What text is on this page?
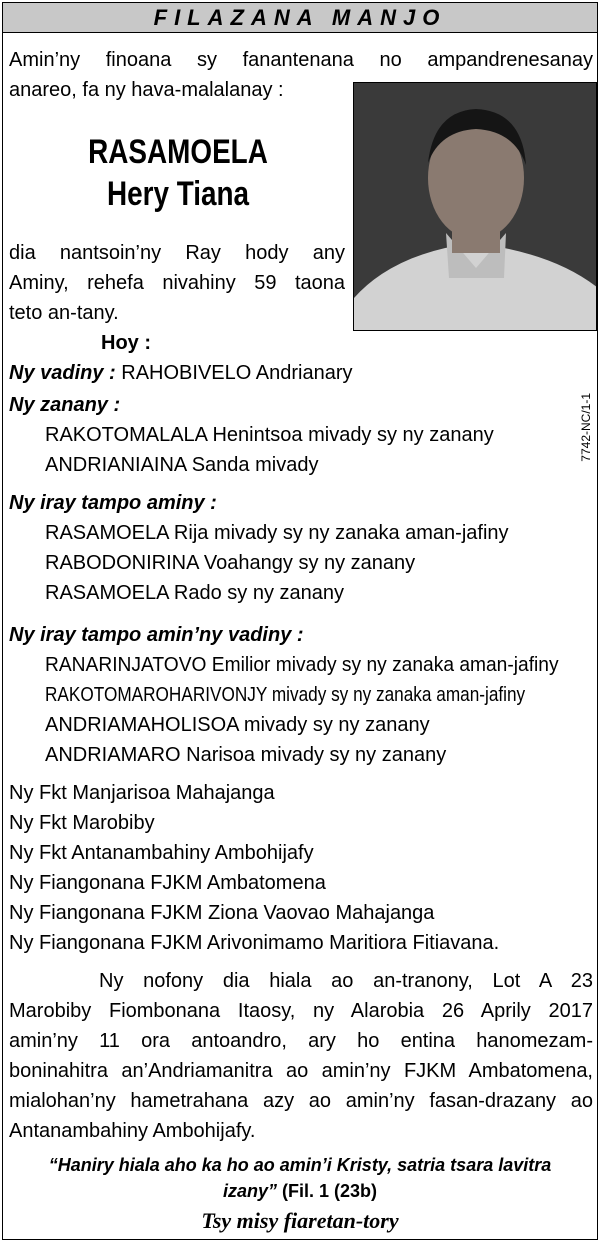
FILAZANA MANJO
Amin’ny finoana sy fanantenana no ampandrenesanay
anareo, fa ny hava-malalanay :
RASAMOELA
Hery Tiana
dia nantsoin’ny Ray hody any
Aminy, rehefa nivahiny 59 taona
teto an-tany.
Hoy :
7742-NC/1-1
Ny vadiny : RAHOBIVELO Andrianary
Ny zanany :
RAKOTOMALALA Henintsoa mivady sy ny zanany
ANDRIANIAINA Sanda mivady
Ny iray tampo aminy :
RASAMOELA Rija mivady sy ny zanaka aman-jafiny
RABODONIRINA Voahangy sy ny zanany
RASAMOELA Rado sy ny zanany
Ny iray tampo amin’ny vadiny :
RANARINJATOVO Emilior mivady sy ny zanaka aman-jafiny
RAKOTOMAROHARIVONJY mivady sy ny zanaka aman-jafiny
ANDRIAMAHOLISOA mivady sy ny zanany
ANDRIAMARO Narisoa mivady sy ny zanany
Ny Fkt Manjarisoa Mahajanga
Ny Fkt Marobiby
Ny Fkt Antanambahiny Ambohijafy
Ny Fiangonana FJKM Ambatomena
Ny Fiangonana FJKM Ziona Vaovao Mahajanga
Ny Fiangonana FJKM Arivonimamo Maritiora Fitiavana.
Ny nofony dia hiala ao an-tranony, Lot A 23
Marobiby Fiombonana Itaosy, ny Alarobia 26 Aprily 2017
amin’ny 11 ora antoandro, ary ho entina hanomezam-
boninahitra an’Andriamanitra ao amin’ny FJKM Ambatomena,
mialohan’ny hametrahana azy ao amin’ny fasan-drazany ao
Antanambahiny Ambohijafy.
“Haniry hiala aho ka ho ao amin’i Kristy, satria tsara lavitra
izany” (Fil. 1 (23b)
Tsy misy fiaretan-tory
